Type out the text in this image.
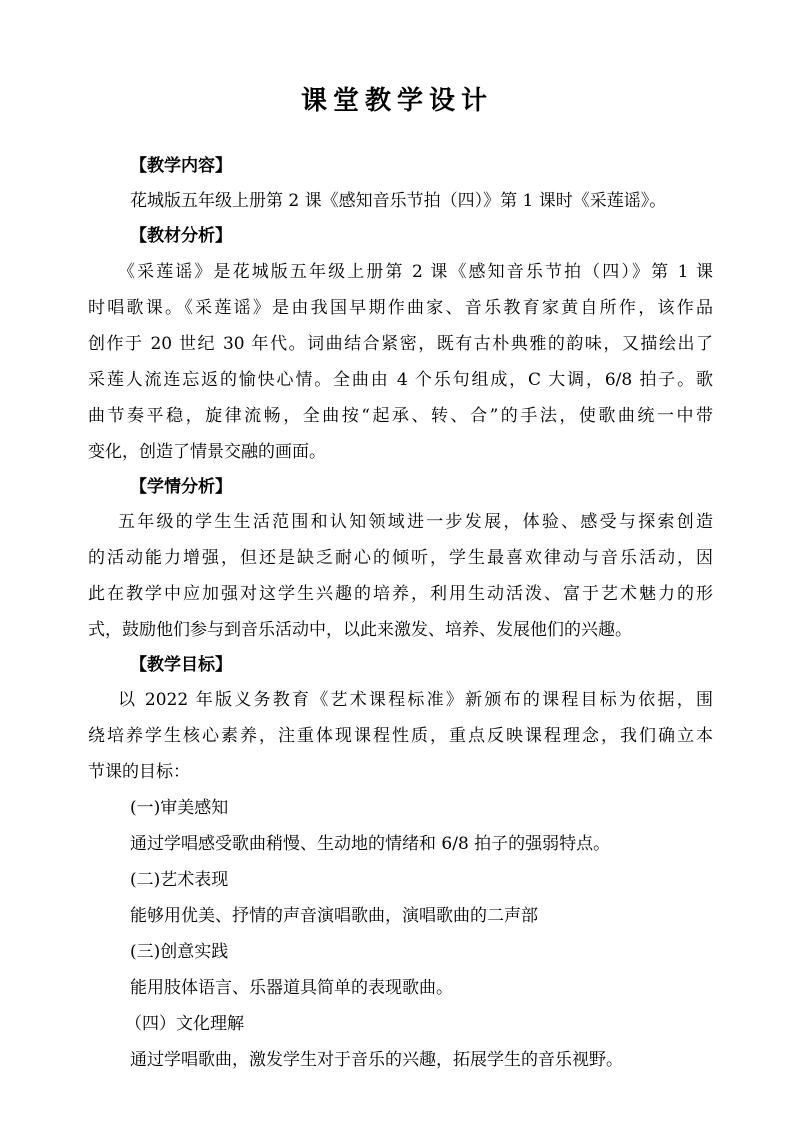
课堂教学设计
【教学内容】
花城版五年级上册第 2 课《感知音乐节拍（四）》第 1 课时《采莲谣》。
【教材分析】
《采莲谣》是花城版五年级上册第 2 课《感知音乐节拍（四）》第 1 课
时唱歌课。《采莲谣》是由我国早期作曲家、音乐教育家黄自所作，该作品
创作于 20 世纪 30 年代。词曲结合紧密，既有古朴典雅的韵味，又描绘出了
采莲人流连忘返的愉快心情。全曲由 4 个乐句组成，C 大调，6/8 拍子。歌
曲节奏平稳，旋律流畅，全曲按“起承、转、合”的手法，使歌曲统一中带
变化，创造了情景交融的画面。
【学情分析】
五年级的学生生活范围和认知领域进一步发展，体验、感受与探索创造
的活动能力增强，但还是缺乏耐心的倾听，学生最喜欢律动与音乐活动，因
此在教学中应加强对这学生兴趣的培养，利用生动活泼、富于艺术魅力的形
式，鼓励他们参与到音乐活动中，以此来激发、培养、发展他们的兴趣。
【教学目标】
以 2022 年版义务教育《艺术课程标准》新颁布的课程目标为依据，围
绕培养学生核心素养，注重体现课程性质，重点反映课程理念，我们确立本
节课的目标：
(一)审美感知
通过学唱感受歌曲稍慢、生动地的情绪和 6/8 拍子的强弱特点。
(二)艺术表现
能够用优美、抒情的声音演唱歌曲，演唱歌曲的二声部
(三)创意实践
能用肢体语言、乐器道具简单的表现歌曲。
（四）文化理解
通过学唱歌曲，激发学生对于音乐的兴趣，拓展学生的音乐视野。
